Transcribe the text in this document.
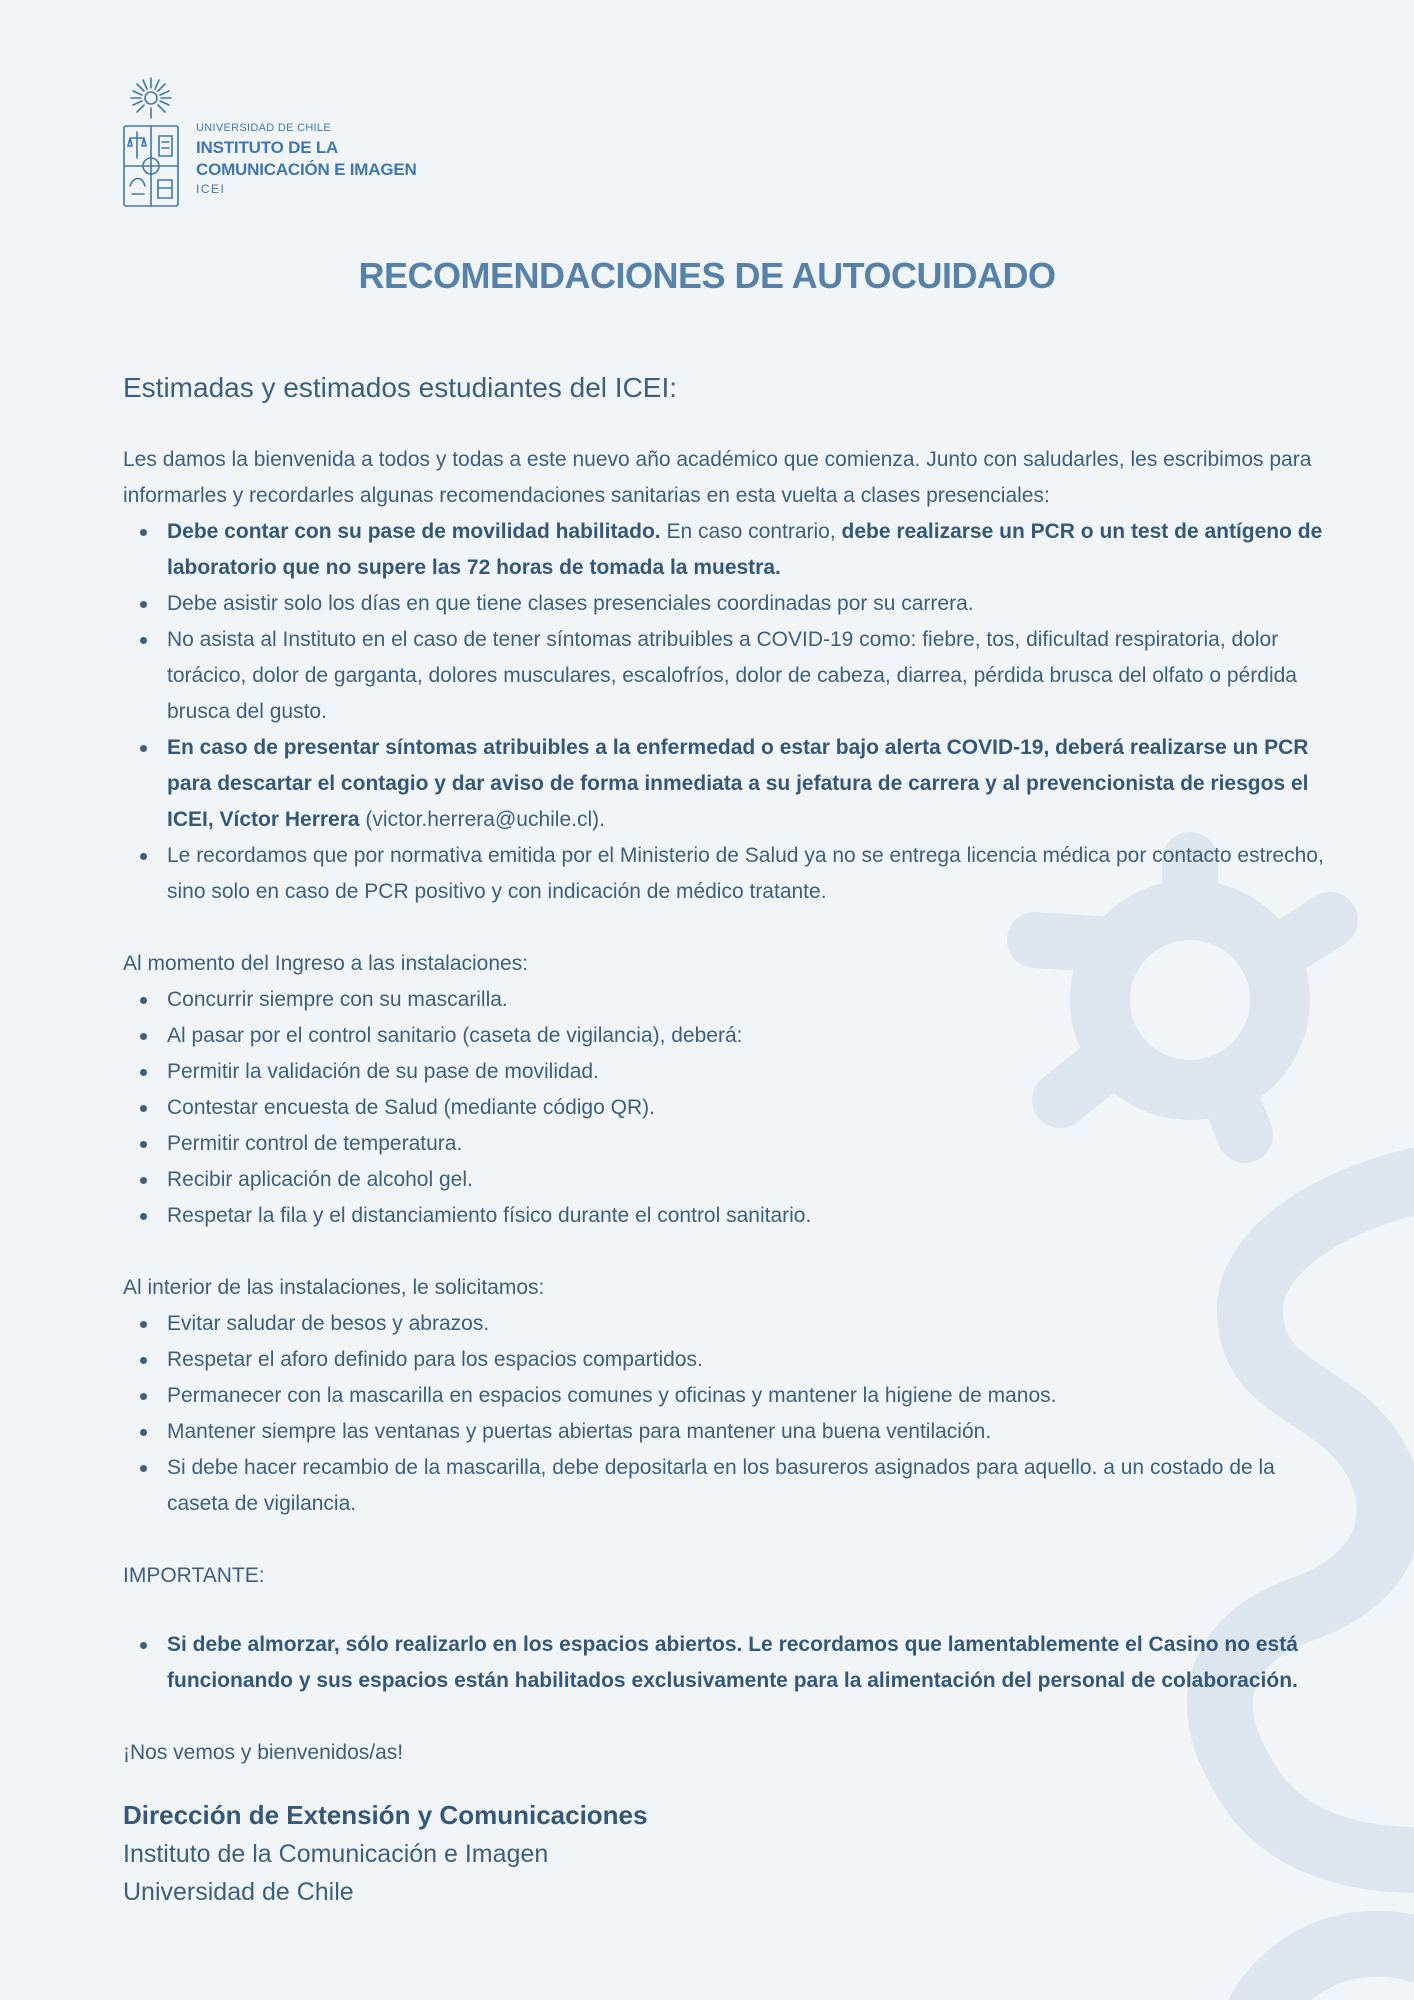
UNIVERSIDAD DE CHILE
INSTITUTO DE LA
COMUNICACIÓN E IMAGEN
ICEI
RECOMENDACIONES DE AUTOCUIDADO

Estimadas y estimados estudiantes del ICEI:

Les damos la bienvenida a todos y todas a este nuevo año académico que comienza. Junto con saludarles, les escribimos para informarles y recordarles algunas recomendaciones sanitarias en esta vuelta a clases presenciales:

Debe contar con su pase de movilidad habilitado. En caso contrario, debe realizarse un PCR o un test de antígeno de laboratorio que no supere las 72 horas de tomada la muestra.
Debe asistir solo los días en que tiene clases presenciales coordinadas por su carrera.
No asista al Instituto en el caso de tener síntomas atribuibles a COVID-19 como: fiebre, tos, dificultad respiratoria, dolor torácico, dolor de garganta, dolores musculares, escalofríos, dolor de cabeza, diarrea, pérdida brusca del olfato o pérdida brusca del gusto.
En caso de presentar síntomas atribuibles a la enfermedad o estar bajo alerta COVID-19, deberá realizarse un PCR para descartar el contagio y dar aviso de forma inmediata a su jefatura de carrera y al prevencionista de riesgos el ICEI, Víctor Herrera (victor.herrera@uchile.cl).
Le recordamos que por normativa emitida por el Ministerio de Salud ya no se entrega licencia médica por contacto estrecho, sino solo en caso de PCR positivo y con indicación de médico tratante.

Al momento del Ingreso a las instalaciones:

Concurrir siempre con su mascarilla.
Al pasar por el control sanitario (caseta de vigilancia), deberá:
Permitir la validación de su pase de movilidad.
Contestar encuesta de Salud (mediante código QR).
Permitir control de temperatura.
Recibir aplicación de alcohol gel.
Respetar la fila y el distanciamiento físico durante el control sanitario.

Al interior de las instalaciones, le solicitamos:

Evitar saludar de besos y abrazos.
Respetar el aforo definido para los espacios compartidos.
Permanecer con la mascarilla en espacios comunes y oficinas y mantener la higiene de manos.
Mantener siempre las ventanas y puertas abiertas para mantener una buena ventilación.
Si debe hacer recambio de la mascarilla, debe depositarla en los basureros asignados para aquello. a un costado de la caseta de vigilancia.

IMPORTANTE:

Si debe almorzar, sólo realizarlo en los espacios abiertos. Le recordamos que lamentablemente el Casino no está funcionando y sus espacios están habilitados exclusivamente para la alimentación del personal de colaboración.

¡Nos vemos y bienvenidos/as!

Dirección de Extensión y Comunicaciones
Instituto de la Comunicación e Imagen
Universidad de Chile
